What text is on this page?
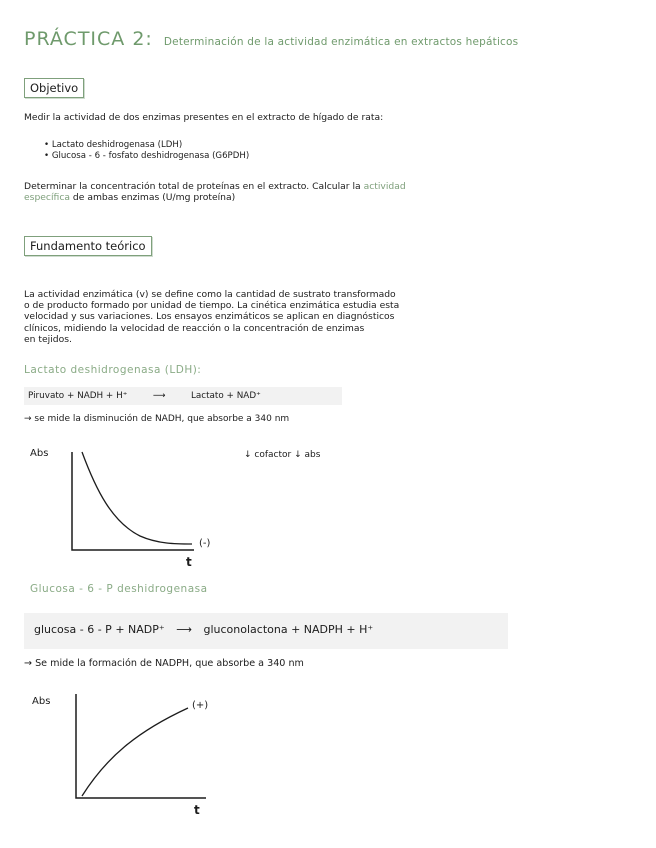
PRÁCTICA 2: Determinación de la actividad enzimática en extractos hepáticos
Objetivo
Medir la actividad de dos enzimas presentes en el extracto de hígado de rata:
• Lactato deshidrogenasa (LDH)
• Glucosa - 6 - fosfato deshidrogenasa (G6PDH)
Determinar la concentración total de proteínas en el extracto. Calcular la actividad
específica de ambas enzimas (U/mg proteína)
Fundamento teórico
La actividad enzimática (v) se define como la cantidad de sustrato transformado
o de producto formado por unidad de tiempo. La cinética enzimática estudia esta
velocidad y sus variaciones. Los ensayos enzimáticos se aplican en diagnósticos
clínicos, midiendo la velocidad de reacción o la concentración de enzimas
en tejidos.
Lactato deshidrogenasa (LDH):
Piruvato + NADH + H⁺	⟶	Lactato + NAD⁺
→ se mide la disminución de NADH, que absorbe a 340 nm
↓ cofactor ↓ abs
Abs
(-)
t
Glucosa - 6 - P deshidrogenasa
glucosa - 6 - P + NADP⁺ ⟶ gluconolactona + NADPH + H⁺
→ Se mide la formación de NADPH, que absorbe a 340 nm
Abs	(+)
t
